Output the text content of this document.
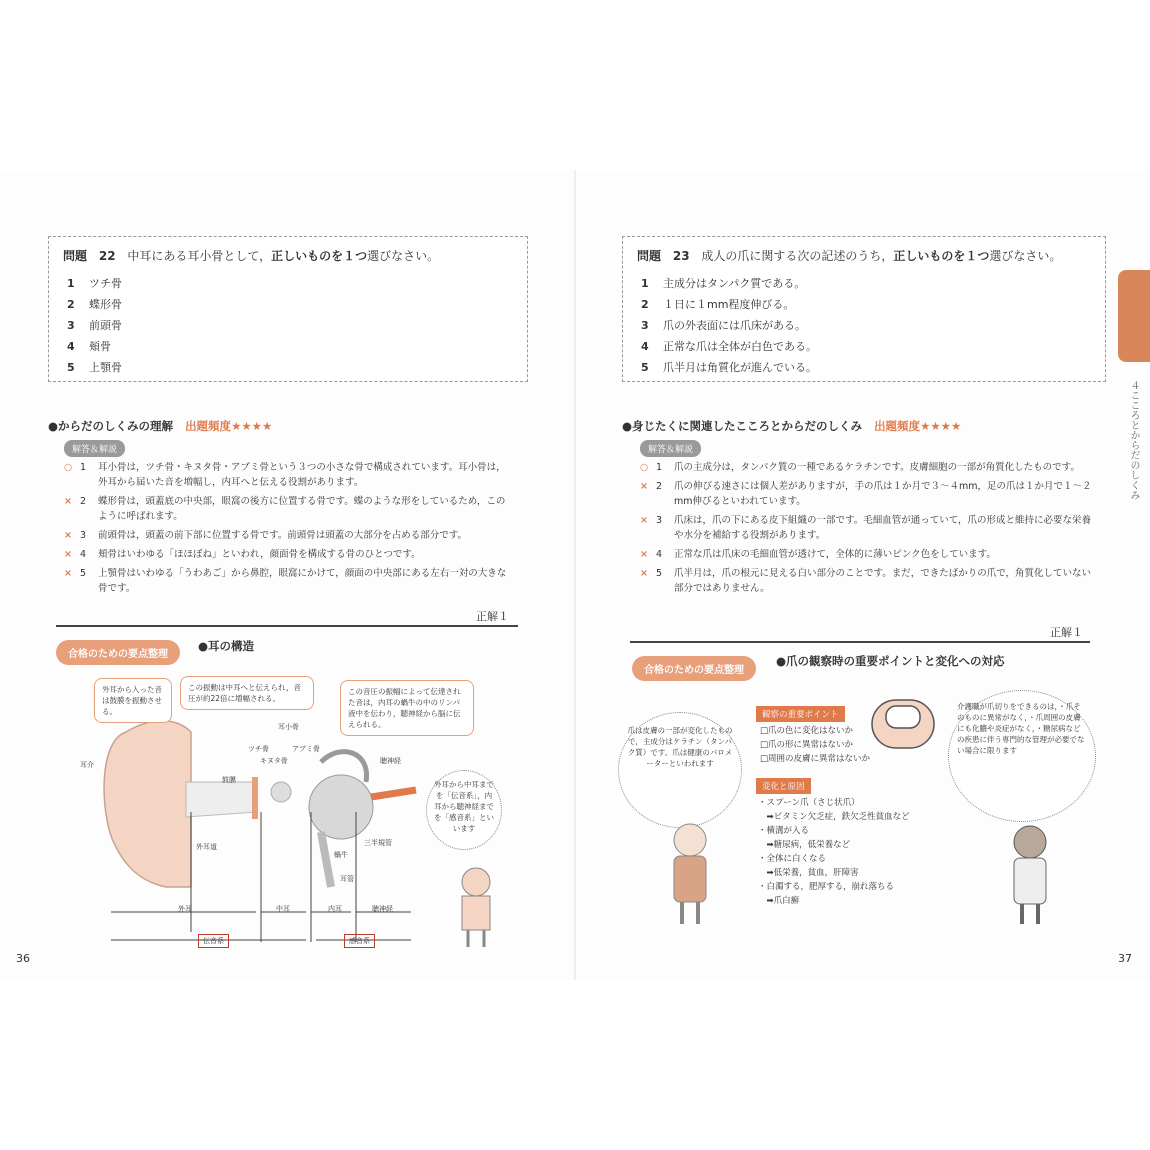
問題 22 中耳にある耳小骨として，正しいものを１つ選びなさい。
1 ツチ骨
2 蝶形骨
3 前頭骨
4 頬骨
5 上顎骨
●からだのしくみの理解 出題頻度★★★★
解答＆解説
○ 1 耳小骨は，ツチ骨・キヌタ骨・アブミ骨という３つの小さな骨で構成されています。耳小骨は，外耳から届いた音を増幅し，内耳へと伝える役割があります。
× 2 蝶形骨は，頭蓋底の中央部，眼窩の後方に位置する骨です。蝶のような形をしているため，このように呼ばれます。
× 3 前頭骨は，頭蓋の前下部に位置する骨です。前頭骨は頭蓋の大部分を占める部分です。
× 4 頬骨はいわゆる「ほほぼね」といわれ，顔面骨を構成する骨のひとつです。
× 5 上顎骨はいわゆる「うわあご」から鼻腔，眼窩にかけて，顔面の中央部にある左右一対の大きな骨です。
正解１
合格のための要点整理
●耳の構造
耳介
外耳道
鼓膜
耳小骨
ツチ骨
キヌタ骨
アブミ骨
聴神経
三半規管
蝸牛
耳管
外耳	中耳	内耳	聴神経
伝音系	感音系
外耳から入った音は鼓膜を振動させる。
この振動は中耳へと伝えられ，音圧が約22倍に増幅される。
この音圧の振幅によって伝達された音は，内耳の蝸牛の中のリンパ液中を伝わり，聴神経から脳に伝えられる。
外耳から中耳までを「伝音系」，内耳から聴神経までを「感音系」といいます
36
問題 23 成人の爪に関する次の記述のうち，正しいものを１つ選びなさい。
1 主成分はタンパク質である。
2 １日に１mm程度伸びる。
3 爪の外表面には爪床がある。
4 正常な爪は全体が白色である。
5 爪半月は角質化が進んでいる。
●身じたくに関連したこころとからだのしくみ 出題頻度★★★★
解答＆解説
○ 1 爪の主成分は，タンパク質の一種であるケラチンです。皮膚細胞の一部が角質化したものです。
× 2 爪の伸びる速さには個人差がありますが，手の爪は１か月で３～４mm，足の爪は１か月で１～２mm伸びるといわれています。
× 3 爪床は，爪の下にある皮下組織の一部です。毛細血管が通っていて，爪の形成と維持に必要な栄養や水分を補給する役割があります。
× 4 正常な爪は爪床の毛細血管が透けて，全体的に薄いピンク色をしています。
× 5 爪半月は，爪の根元に見える白い部分のことです。まだ，できたばかりの爪で，角質化していない部分ではありません。
正解１
合格のための要点整理
●爪の観察時の重要ポイントと変化への対応
爪は皮膚の一部が変化したもので，主成分はケラチン（タンパク質）です。爪は健康のバロメーターといわれます
介護職が爪切りをできるのは，・爪そのものに異常がなく，・爪周囲の皮膚にも化膿や炎症がなく，・糖尿病などの疾患に伴う専門的な管理が必要でない場合に限ります
観察の重要ポイント
□爪の色に変化はないか
□爪の形に異常はないか
□周囲の皮膚に異常はないか
変化と原因
・スプーン爪（さじ状爪）
　➡ビタミン欠乏症，鉄欠乏性貧血など
・横溝が入る
　➡糖尿病，低栄養など
・全体に白くなる
　➡低栄養，貧血，肝障害
・白濁する，肥厚する，崩れ落ちる
　➡爪白癬
４こころとからだのしくみ
37
